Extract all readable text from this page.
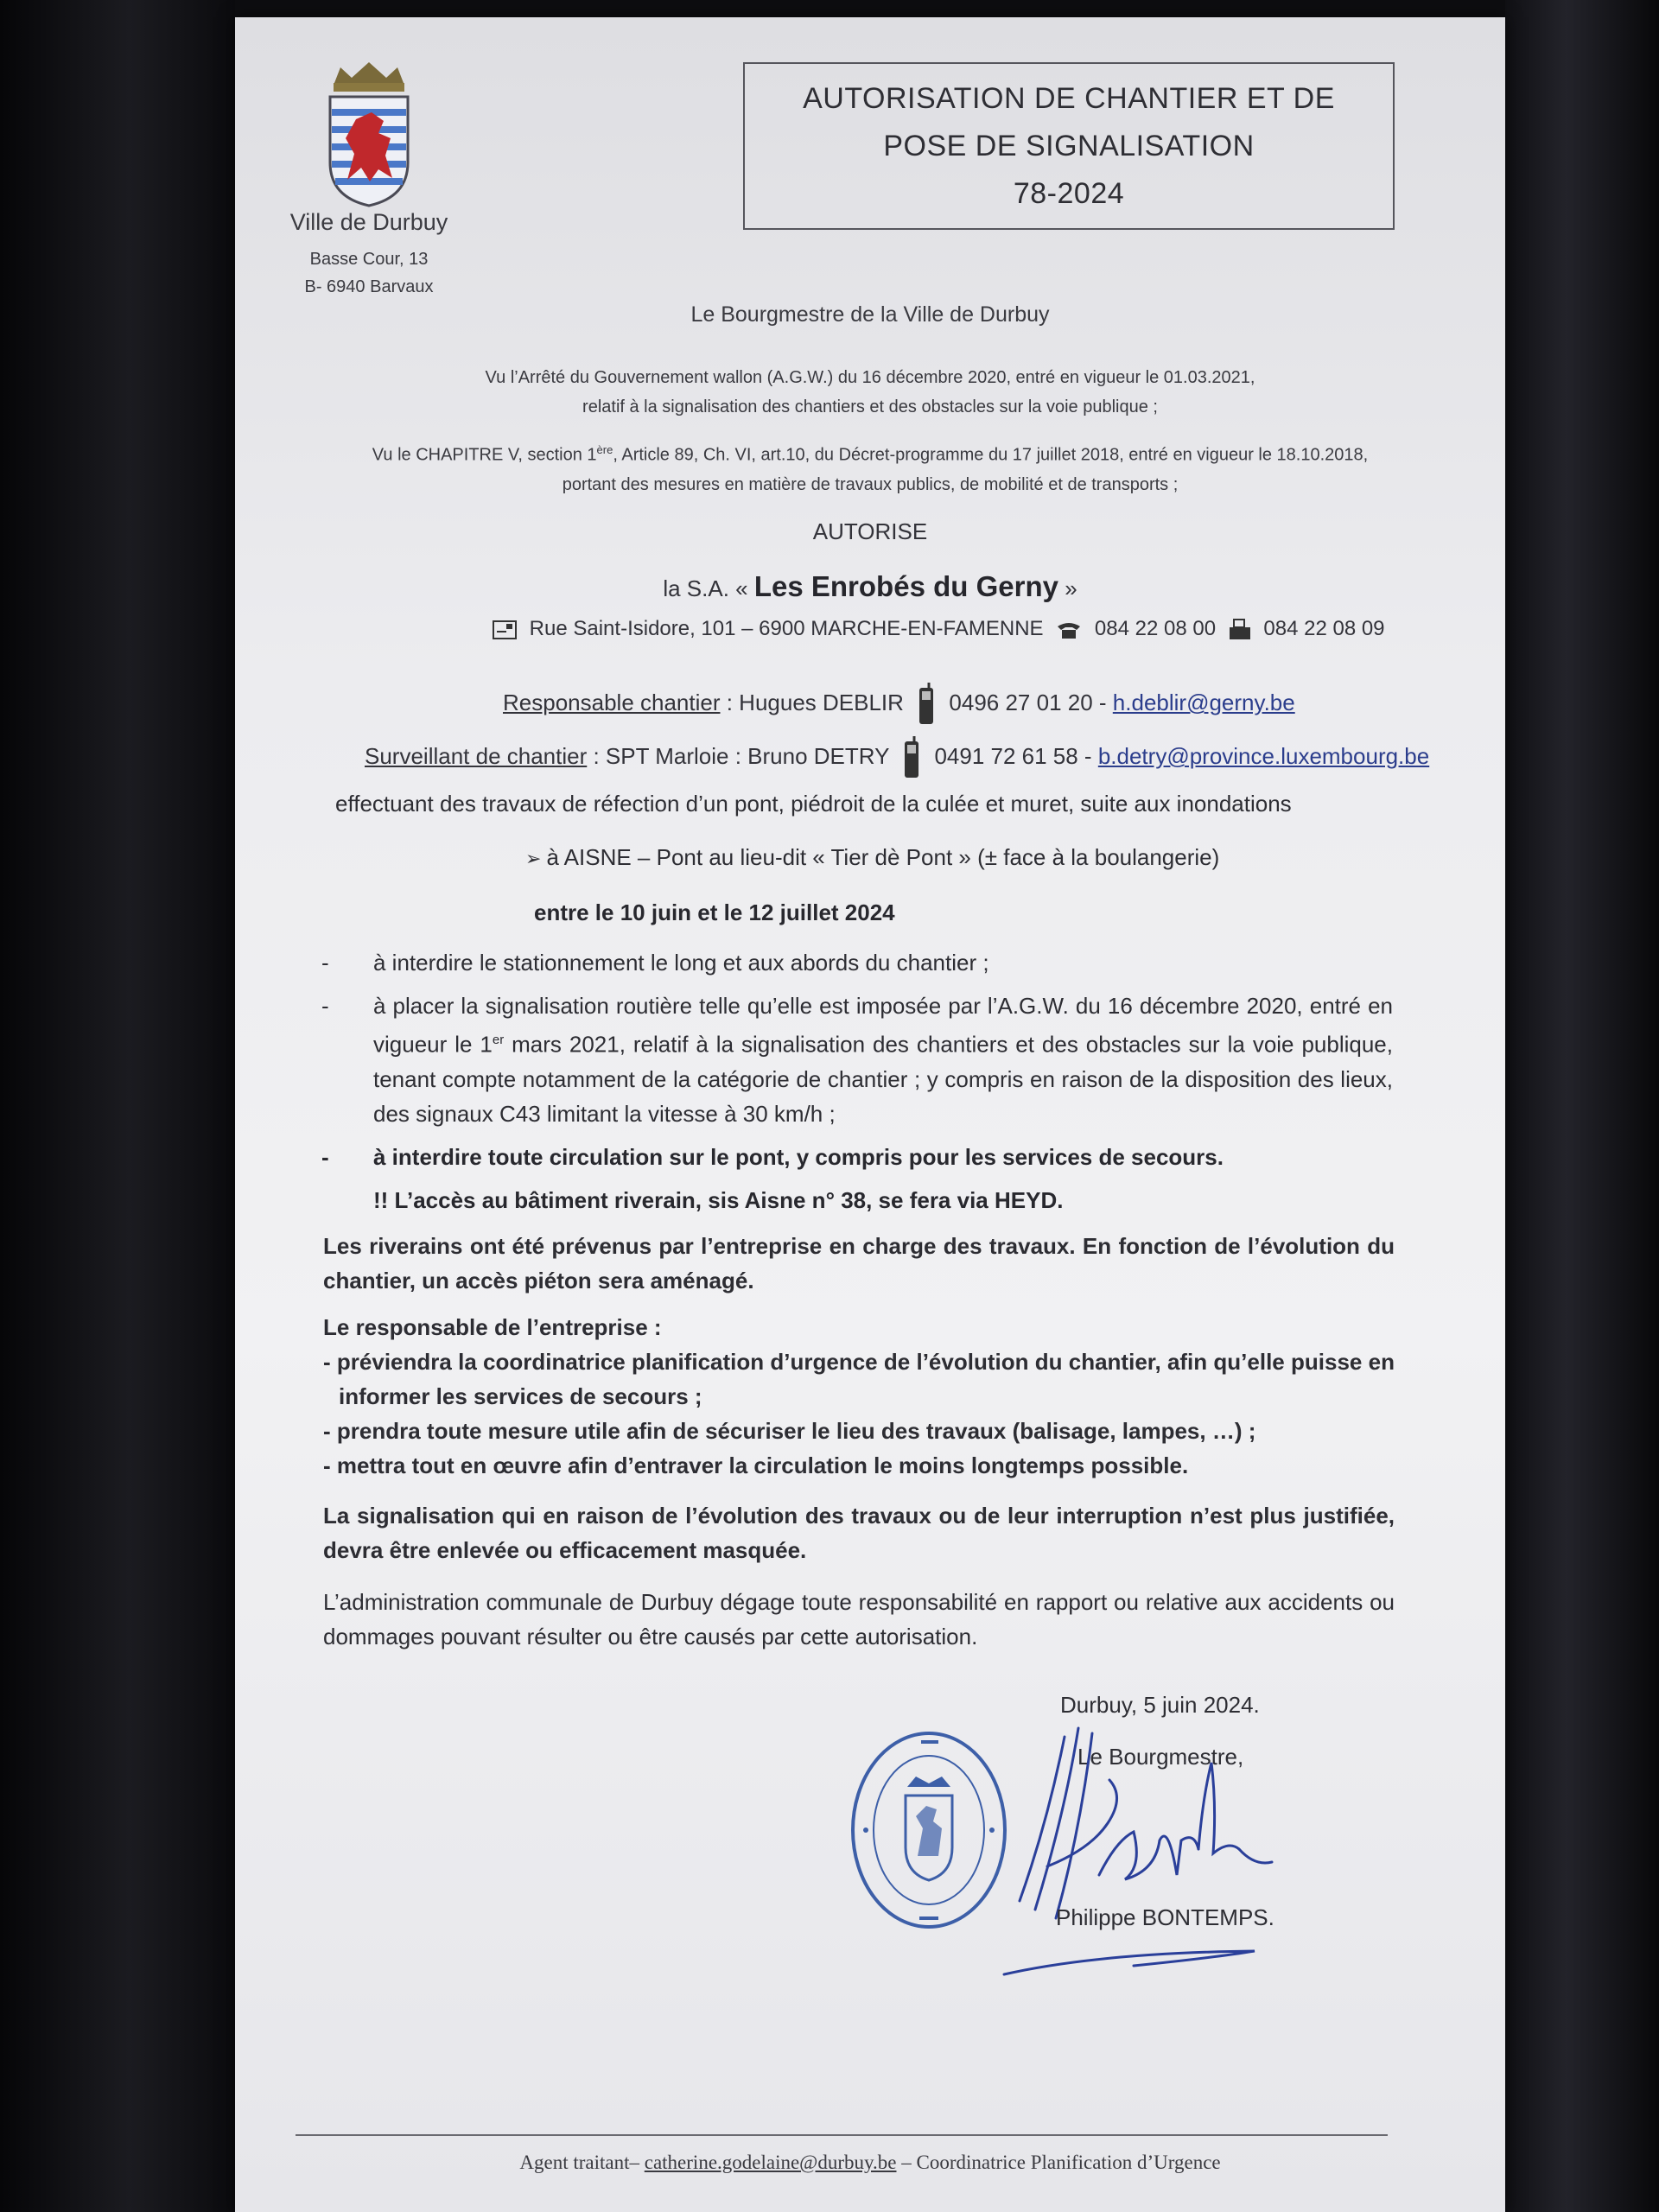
Ville de Durbuy
Basse Cour, 13
B- 6940 Barvaux
AUTORISATION DE CHANTIER ET DE
POSE DE SIGNALISATION
78-2024
Le Bourgmestre de la Ville de Durbuy
Vu l’Arrêté du Gouvernement wallon (A.G.W.) du 16 décembre 2020, entré en vigueur le 01.03.2021,
relatif à la signalisation des chantiers et des obstacles sur la voie publique ;
Vu le CHAPITRE V, section 1ère, Article 89, Ch. VI, art.10, du Décret-programme du 17 juillet 2018, entré en vigueur le 18.10.2018,
portant des mesures en matière de travaux publics, de mobilité et de transports ;
AUTORISE
la S.A. « Les Enrobés du Gerny »
Rue Saint-Isidore, 101 – 6900 MARCHE-EN-FAMENNE 084 22 08 00 084 22 08 09
Responsable chantier : Hugues DEBLIR 0496 27 01 20 - h.deblir@gerny.be
Surveillant de chantier : SPT Marloie : Bruno DETRY 0491 72 61 58 - b.detry@province.luxembourg.be
effectuant des travaux de réfection d’un pont, piédroit de la culée et muret, suite aux inondations
➢ à AISNE – Pont au lieu-dit « Tier dè Pont » (± face à la boulangerie)
entre le 10 juin et le 12 juillet 2024
- à interdire le stationnement le long et aux abords du chantier ;
- à placer la signalisation routière telle qu’elle est imposée par l’A.G.W. du 16 décembre 2020, entré en vigueur le 1er mars 2021, relatif à la signalisation des chantiers et des obstacles sur la voie publique, tenant compte notamment de la catégorie de chantier ; y compris en raison de la disposition des lieux, des signaux C43 limitant la vitesse à 30 km/h ;
- à interdire toute circulation sur le pont, y compris pour les services de secours.
!! L’accès au bâtiment riverain, sis Aisne n° 38, se fera via HEYD.
Les riverains ont été prévenus par l’entreprise en charge des travaux. En fonction de l’évolution du chantier, un accès piéton sera aménagé.
Le responsable de l’entreprise :
- préviendra la coordinatrice planification d’urgence de l’évolution du chantier, afin qu’elle puisse en informer les services de secours ;
- prendra toute mesure utile afin de sécuriser le lieu des travaux (balisage, lampes, …) ;
- mettra tout en œuvre afin d’entraver la circulation le moins longtemps possible.
La signalisation qui en raison de l’évolution des travaux ou de leur interruption n’est plus justifiée, devra être enlevée ou efficacement masquée.
L’administration communale de Durbuy dégage toute responsabilité en rapport ou relative aux accidents ou dommages pouvant résulter ou être causés par cette autorisation.
Durbuy, 5 juin 2024.
Le Bourgmestre,
Philippe BONTEMPS.
Agent traitant– catherine.godelaine@durbuy.be – Coordinatrice Planification d’Urgence
